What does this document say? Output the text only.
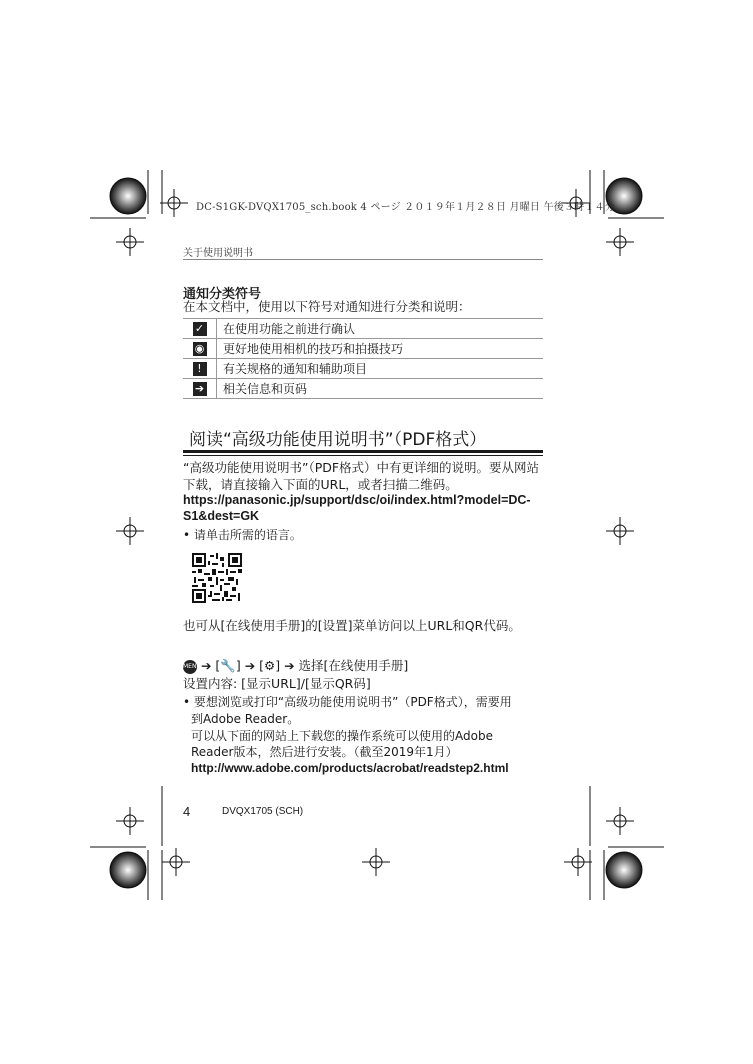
DC-S1GK-DVQX1705_sch.book 4 ページ ２０１９年１月２８日 月曜日 午後３時１４分
关于使用说明书
通知分类符号
在本文档中，使用以下符号对通知进行分类和说明：
✓	在使用功能之前进行确认
◉	更好地使用相机的技巧和拍摄技巧
!	有关规格的通知和辅助项目
➔	相关信息和页码
阅读“高级功能使用说明书”（PDF格式）
“高级功能使用说明书”（PDF格式）中有更详细的说明。要从网站下载，请直接输入下面的URL，或者扫描二维码。
https://panasonic.jp/support/dsc/oi/index.html?model=DC-
S1&dest=GK
• 请单击所需的语言。
也可从[在线使用手册]的[设置]菜单访问以上URL和QR代码。
MENU ➔ [🔧] ➔ [⚙] ➔ 选择[在线使用手册]
设置内容: [显示URL]/[显示QR码]
• 要想浏览或打印“高级功能使用说明书”（PDF格式），需要用
到Adobe Reader。
可以从下面的网站上下载您的操作系统可以使用的Adobe
Reader版本，然后进行安装。（截至2019年1月）
http://www.adobe.com/products/acrobat/readstep2.html
4	DVQX1705 (SCH)
